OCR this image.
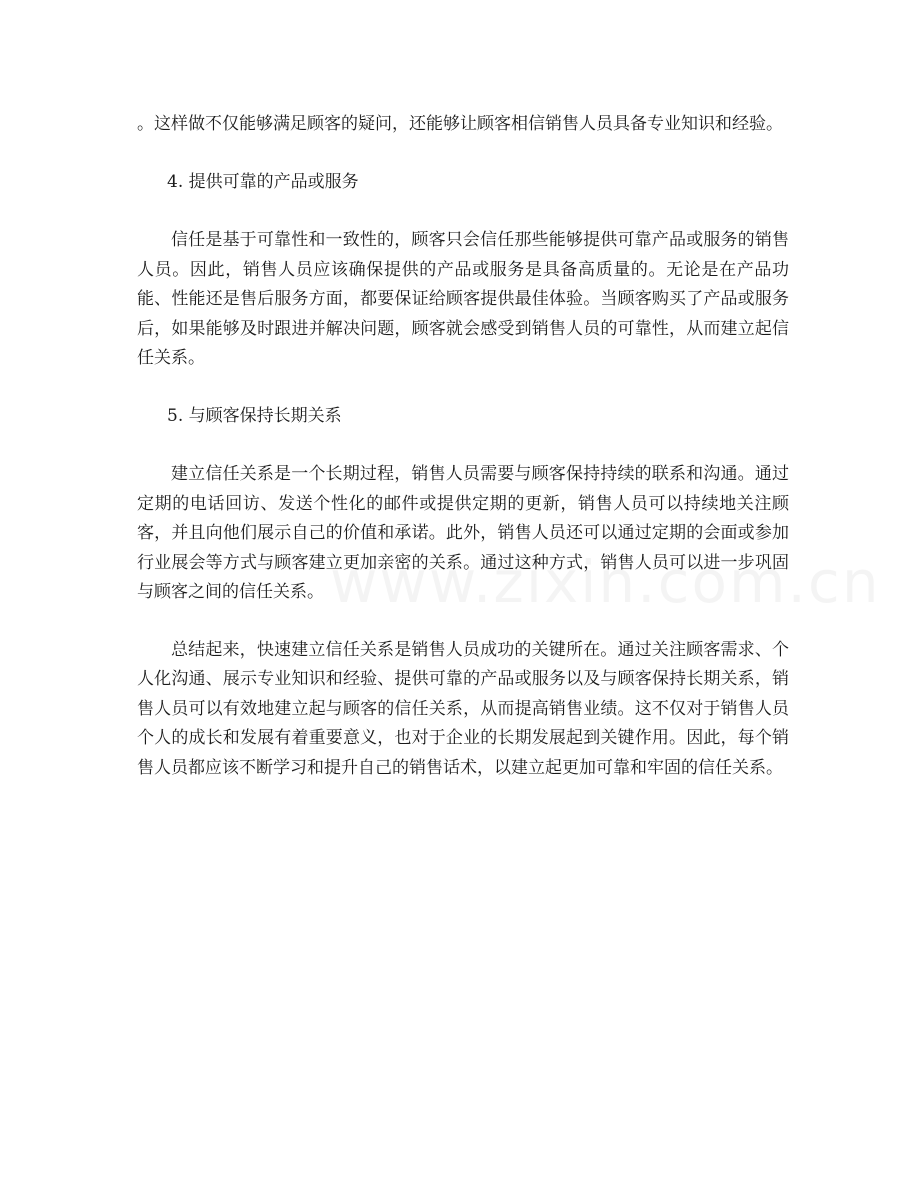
。这样做不仅能够满足顾客的疑问，还能够让顾客相信销售人员具备专业知识和经验。

4. 提供可靠的产品或服务

信任是基于可靠性和一致性的，顾客只会信任那些能够提供可靠产品或服务的销售人员。因此，销售人员应该确保提供的产品或服务是具备高质量的。无论是在产品功能、性能还是售后服务方面，都要保证给顾客提供最佳体验。当顾客购买了产品或服务后，如果能够及时跟进并解决问题，顾客就会感受到销售人员的可靠性，从而建立起信任关系。

5. 与顾客保持长期关系

建立信任关系是一个长期过程，销售人员需要与顾客保持持续的联系和沟通。通过定期的电话回访、发送个性化的邮件或提供定期的更新，销售人员可以持续地关注顾客，并且向他们展示自己的价值和承诺。此外，销售人员还可以通过定期的会面或参加行业展会等方式与顾客建立更加亲密的关系。通过这种方式，销售人员可以进一步巩固与顾客之间的信任关系。

总结起来，快速建立信任关系是销售人员成功的关键所在。通过关注顾客需求、个人化沟通、展示专业知识和经验、提供可靠的产品或服务以及与顾客保持长期关系，销售人员可以有效地建立起与顾客的信任关系，从而提高销售业绩。这不仅对于销售人员个人的成长和发展有着重要意义，也对于企业的长期发展起到关键作用。因此，每个销售人员都应该不断学习和提升自己的销售话术，以建立起更加可靠和牢固的信任关系。
